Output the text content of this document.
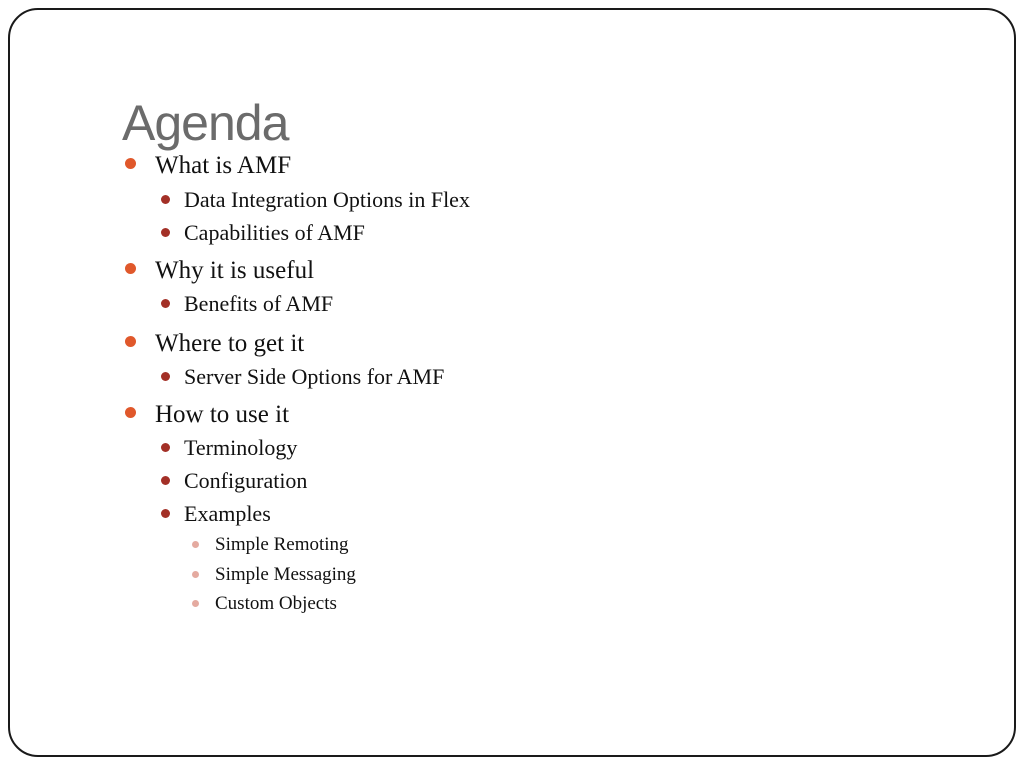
Agenda
What is AMF
Data Integration Options in Flex
Capabilities of AMF
Why it is useful
Benefits of AMF
Where to get it
Server Side Options for AMF
How to use it
Terminology
Configuration
Examples
Simple Remoting
Simple Messaging
Custom Objects
